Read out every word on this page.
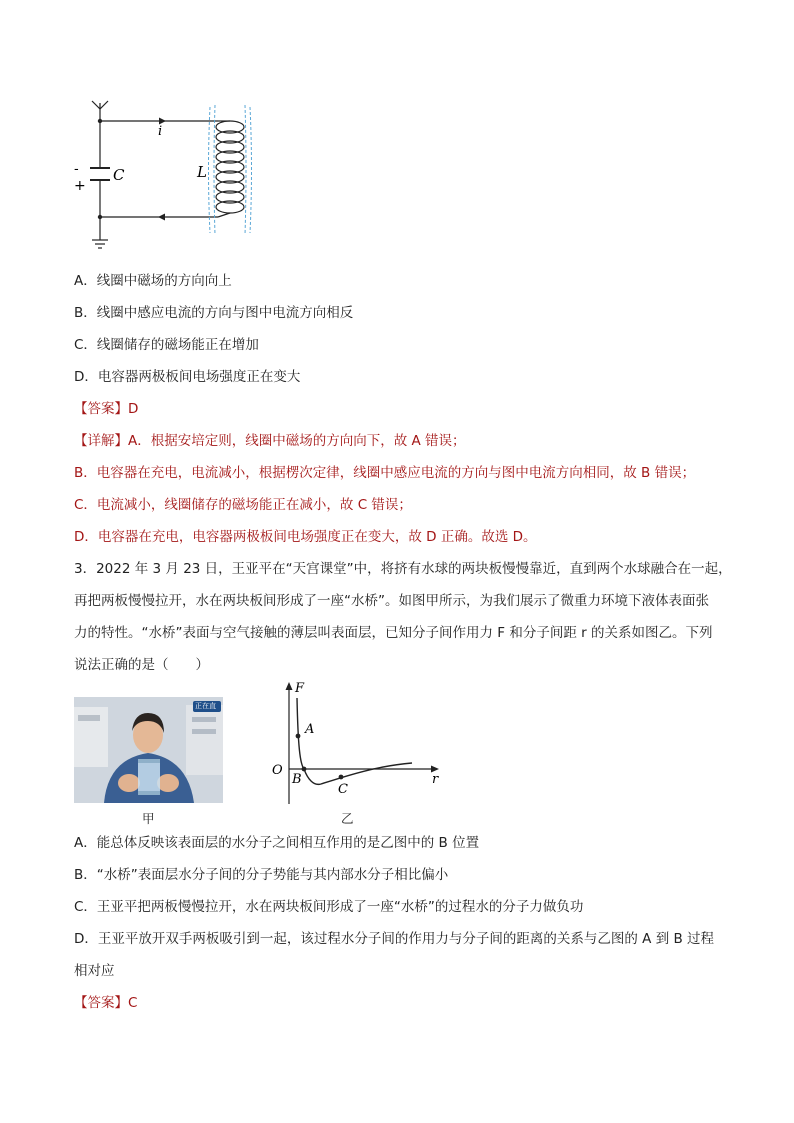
-
+
C
i
L
A．线圈中磁场的方向向上
B．线圈中感应电流的方向与图中电流方向相反
C．线圈储存的磁场能正在增加
D．电容器两极板间电场强度正在变大
【答案】D
【详解】A．根据安培定则，线圈中磁场的方向向下，故 A 错误；
B．电容器在充电，电流减小，根据楞次定律，线圈中感应电流的方向与图中电流方向相同，故 B 错误；
C．电流减小，线圈储存的磁场能正在减小，故 C 错误；
D．电容器在充电，电容器两极板间电场强度正在变大，故 D 正确。故选 D。
3．2022 年 3 月 23 日，王亚平在“天宫课堂”中，将挤有水球的两块板慢慢靠近，直到两个水球融合在一起，
再把两板慢慢拉开，水在两块板间形成了一座“水桥”。如图甲所示，为我们展示了微重力环境下液体表面张
力的特性。“水桥”表面与空气接触的薄层叫表面层，已知分子间作用力 F 和分子间距 r 的关系如图乙。下列
说法正确的是（　　）
正在直
甲
F
r
O
A
B
C
乙
A．能总体反映该表面层的水分子之间相互作用的是乙图中的 B 位置
B．“水桥”表面层水分子间的分子势能与其内部水分子相比偏小
C．王亚平把两板慢慢拉开，水在两块板间形成了一座“水桥”的过程水的分子力做负功
D．王亚平放开双手两板吸引到一起，该过程水分子间的作用力与分子间的距离的关系与乙图的 A 到 B 过程
相对应
【答案】C
